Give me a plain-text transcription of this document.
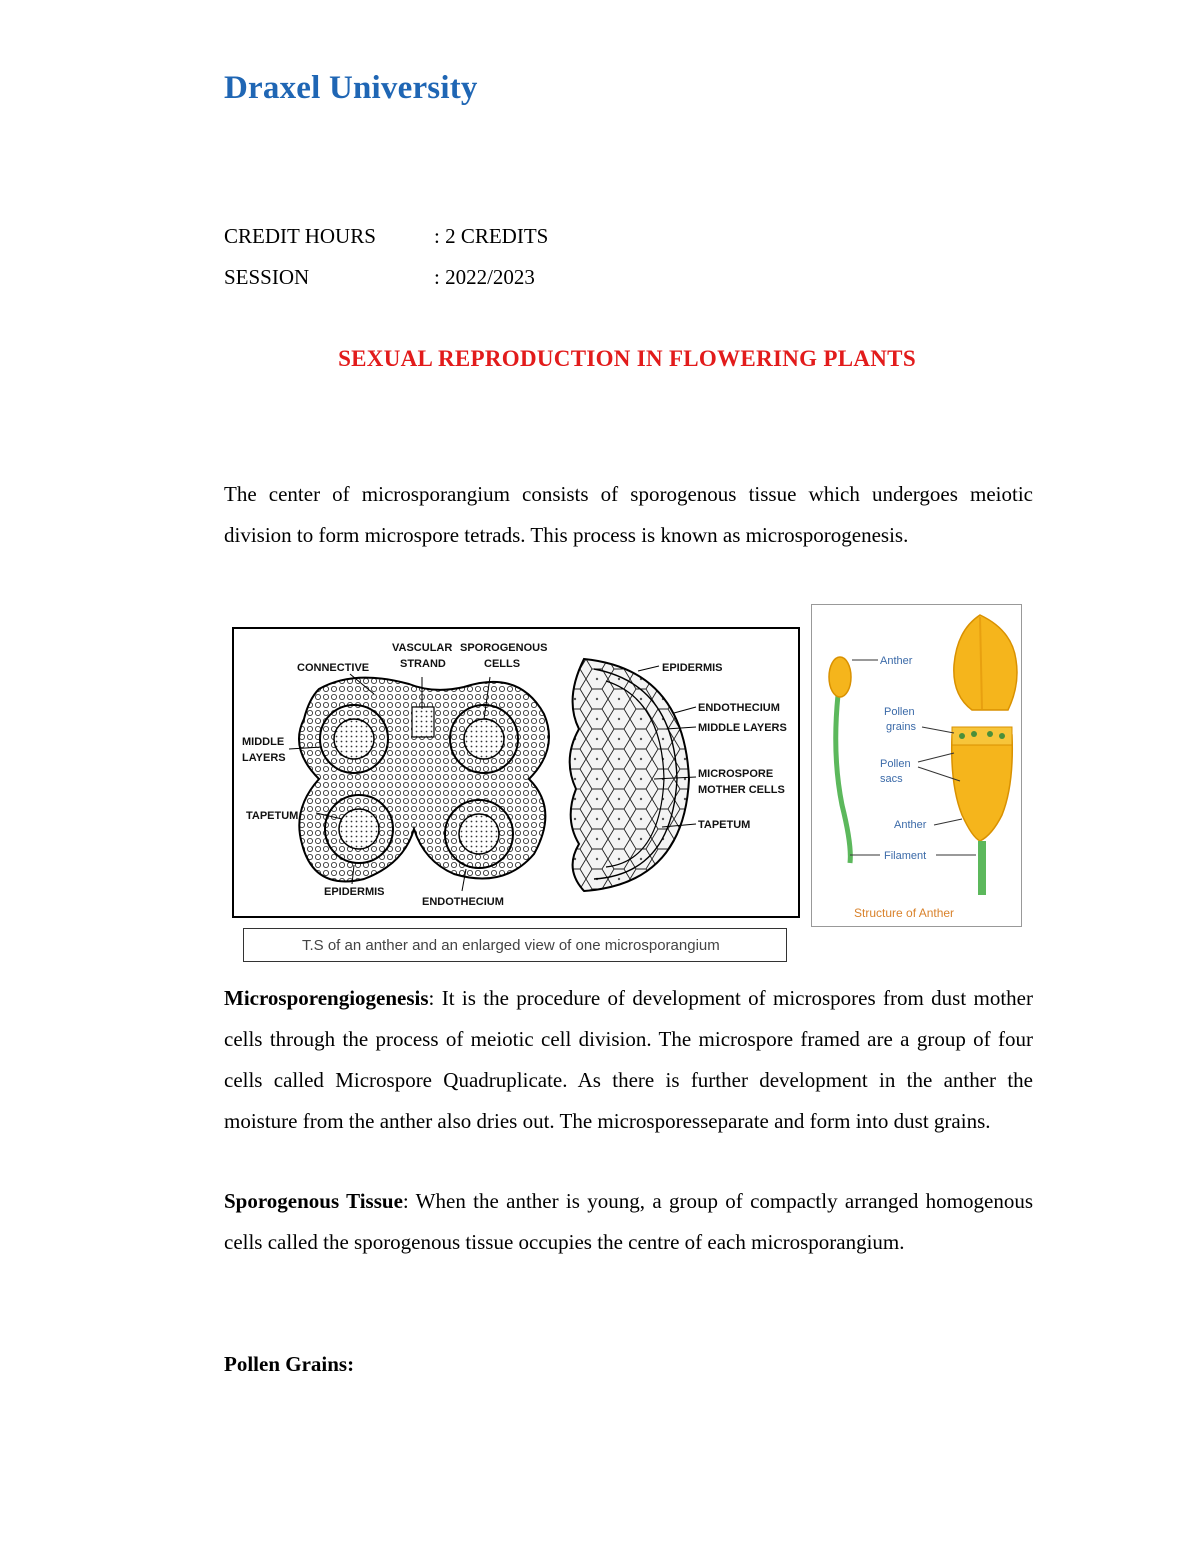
Draxel University
CREDIT HOURS	: 2 CREDITS
SESSION	: 2022/2023
SEXUAL REPRODUCTION IN FLOWERING PLANTS
The center of microsporangium consists of sporogenous tissue which undergoes meiotic division to form microspore tetrads. This process is known as microsporogenesis.
CONNECTIVE
VASCULAR
STRAND
SPOROGENOUS
CELLS
MIDDLE
LAYERS
TAPETUM
EPIDERMIS
ENDOTHECIUM
EPIDERMIS
ENDOTHECIUM
MIDDLE LAYERS
MICROSPORE
MOTHER CELLS
TAPETUM
T.S of an anther and an enlarged view of one microsporangium
Anther
Pollen
grains
Pollen
sacs
Anther
Filament
Structure of Anther
Microsporengiogenesis: It is the procedure of development of microspores from dust mother cells through the process of meiotic cell division. The microspore framed are a group of four cells called Microspore Quadruplicate. As there is further development in the anther the moisture from the anther also dries out. The microsporesseparate and form into dust grains.
Sporogenous Tissue: When the anther is young, a group of compactly arranged homogenous cells called the sporogenous tissue occupies the centre of each microsporangium.
Pollen Grains:
